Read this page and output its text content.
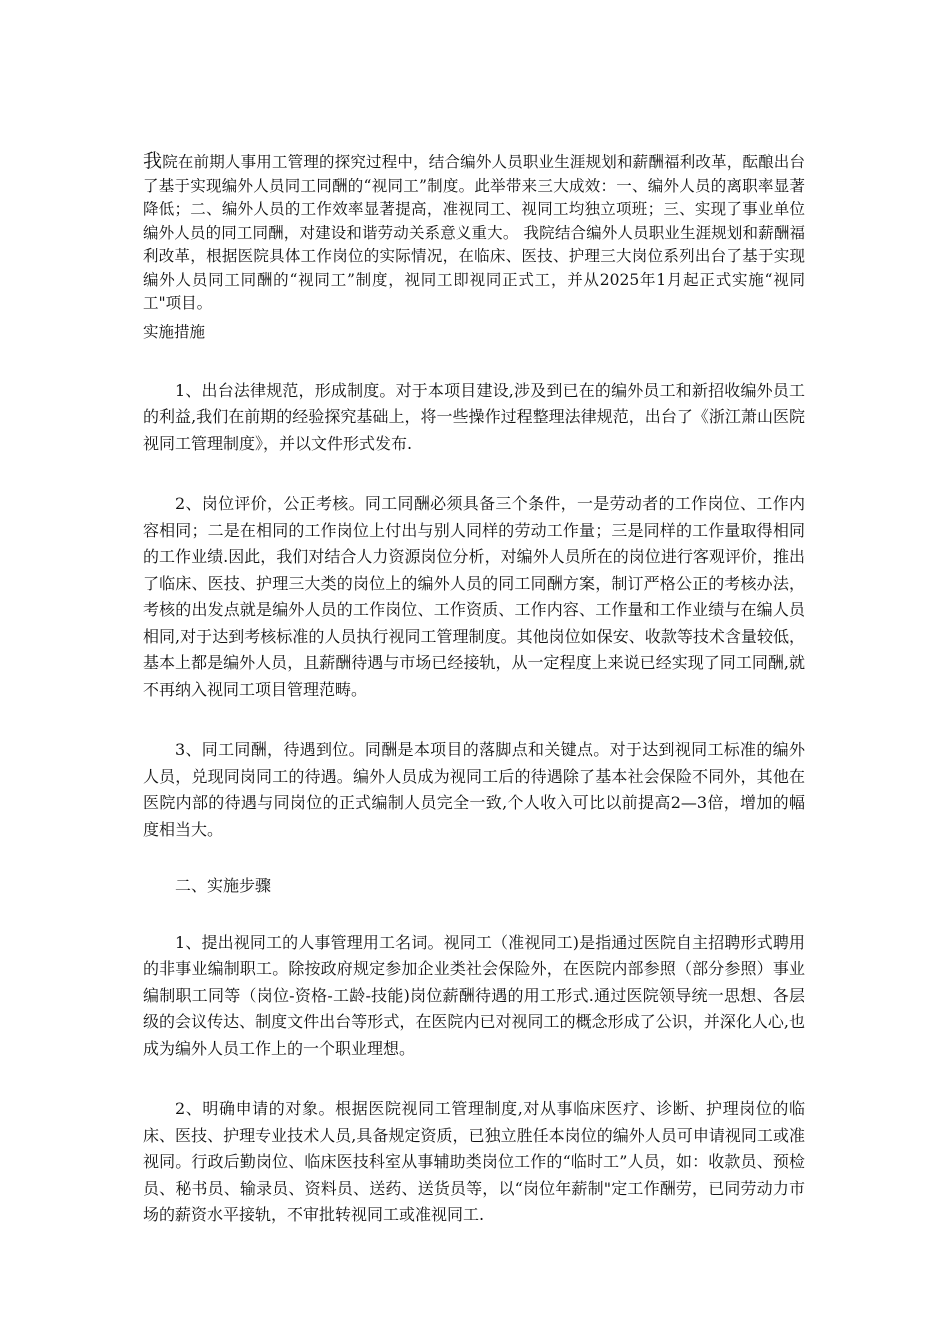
我院在前期人事用工管理的探究过程中，结合编外人员职业生涯规划和薪酬福利改革，酝酿出台了基于实现编外人员同工同酬的“视同工”制度。此举带来三大成效：一、编外人员的离职率显著降低；二、编外人员的工作效率显著提高，准视同工、视同工均独立项班；三、实现了事业单位编外人员的同工同酬，对建设和谐劳动关系意义重大。 我院结合编外人员职业生涯规划和薪酬福利改革，根据医院具体工作岗位的实际情况，在临床、医技、护理三大岗位系列出台了基于实现编外人员同工同酬的“视同工”制度，视同工即视同正式工，并从2025年1月起正式实施“视同工"项目。

实施措施

1、出台法律规范，形成制度。对于本项目建设,涉及到已在的编外员工和新招收编外员工的利益,我们在前期的经验探究基础上，将一些操作过程整理法律规范，出台了《浙江萧山医院视同工管理制度》，并以文件形式发布.

2、岗位评价，公正考核。同工同酬必须具备三个条件，一是劳动者的工作岗位、工作内容相同；二是在相同的工作岗位上付出与别人同样的劳动工作量；三是同样的工作量取得相同的工作业绩.因此，我们对结合人力资源岗位分析，对编外人员所在的岗位进行客观评价，推出了临床、医技、护理三大类的岗位上的编外人员的同工同酬方案，制订严格公正的考核办法，考核的出发点就是编外人员的工作岗位、工作资质、工作内容、工作量和工作业绩与在编人员相同,对于达到考核标准的人员执行视同工管理制度。其他岗位如保安、收款等技术含量较低，基本上都是编外人员，且薪酬待遇与市场已经接轨，从一定程度上来说已经实现了同工同酬,就不再纳入视同工项目管理范畴。

3、同工同酬，待遇到位。同酬是本项目的落脚点和关键点。对于达到视同工标准的编外人员，兑现同岗同工的待遇。编外人员成为视同工后的待遇除了基本社会保险不同外，其他在医院内部的待遇与同岗位的正式编制人员完全一致,个人收入可比以前提高2—3倍，增加的幅度相当大。

二、实施步骤

1、提出视同工的人事管理用工名词。视同工（准视同工)是指通过医院自主招聘形式聘用的非事业编制职工。除按政府规定参加企业类社会保险外，在医院内部参照（部分参照）事业编制职工同等（岗位-资格-工龄-技能)岗位薪酬待遇的用工形式.通过医院领导统一思想、各层级的会议传达、制度文件出台等形式，在医院内已对视同工的概念形成了公识，并深化人心,也成为编外人员工作上的一个职业理想。

2、明确申请的对象。根据医院视同工管理制度,对从事临床医疗、诊断、护理岗位的临床、医技、护理专业技术人员,具备规定资质，已独立胜任本岗位的编外人员可申请视同工或准视同。行政后勤岗位、临床医技科室从事辅助类岗位工作的“临时工”人员，如：收款员、预检员、秘书员、输录员、资料员、送药、送货员等，以“岗位年薪制"定工作酬劳，已同劳动力市场的薪资水平接轨，不审批转视同工或准视同工.
